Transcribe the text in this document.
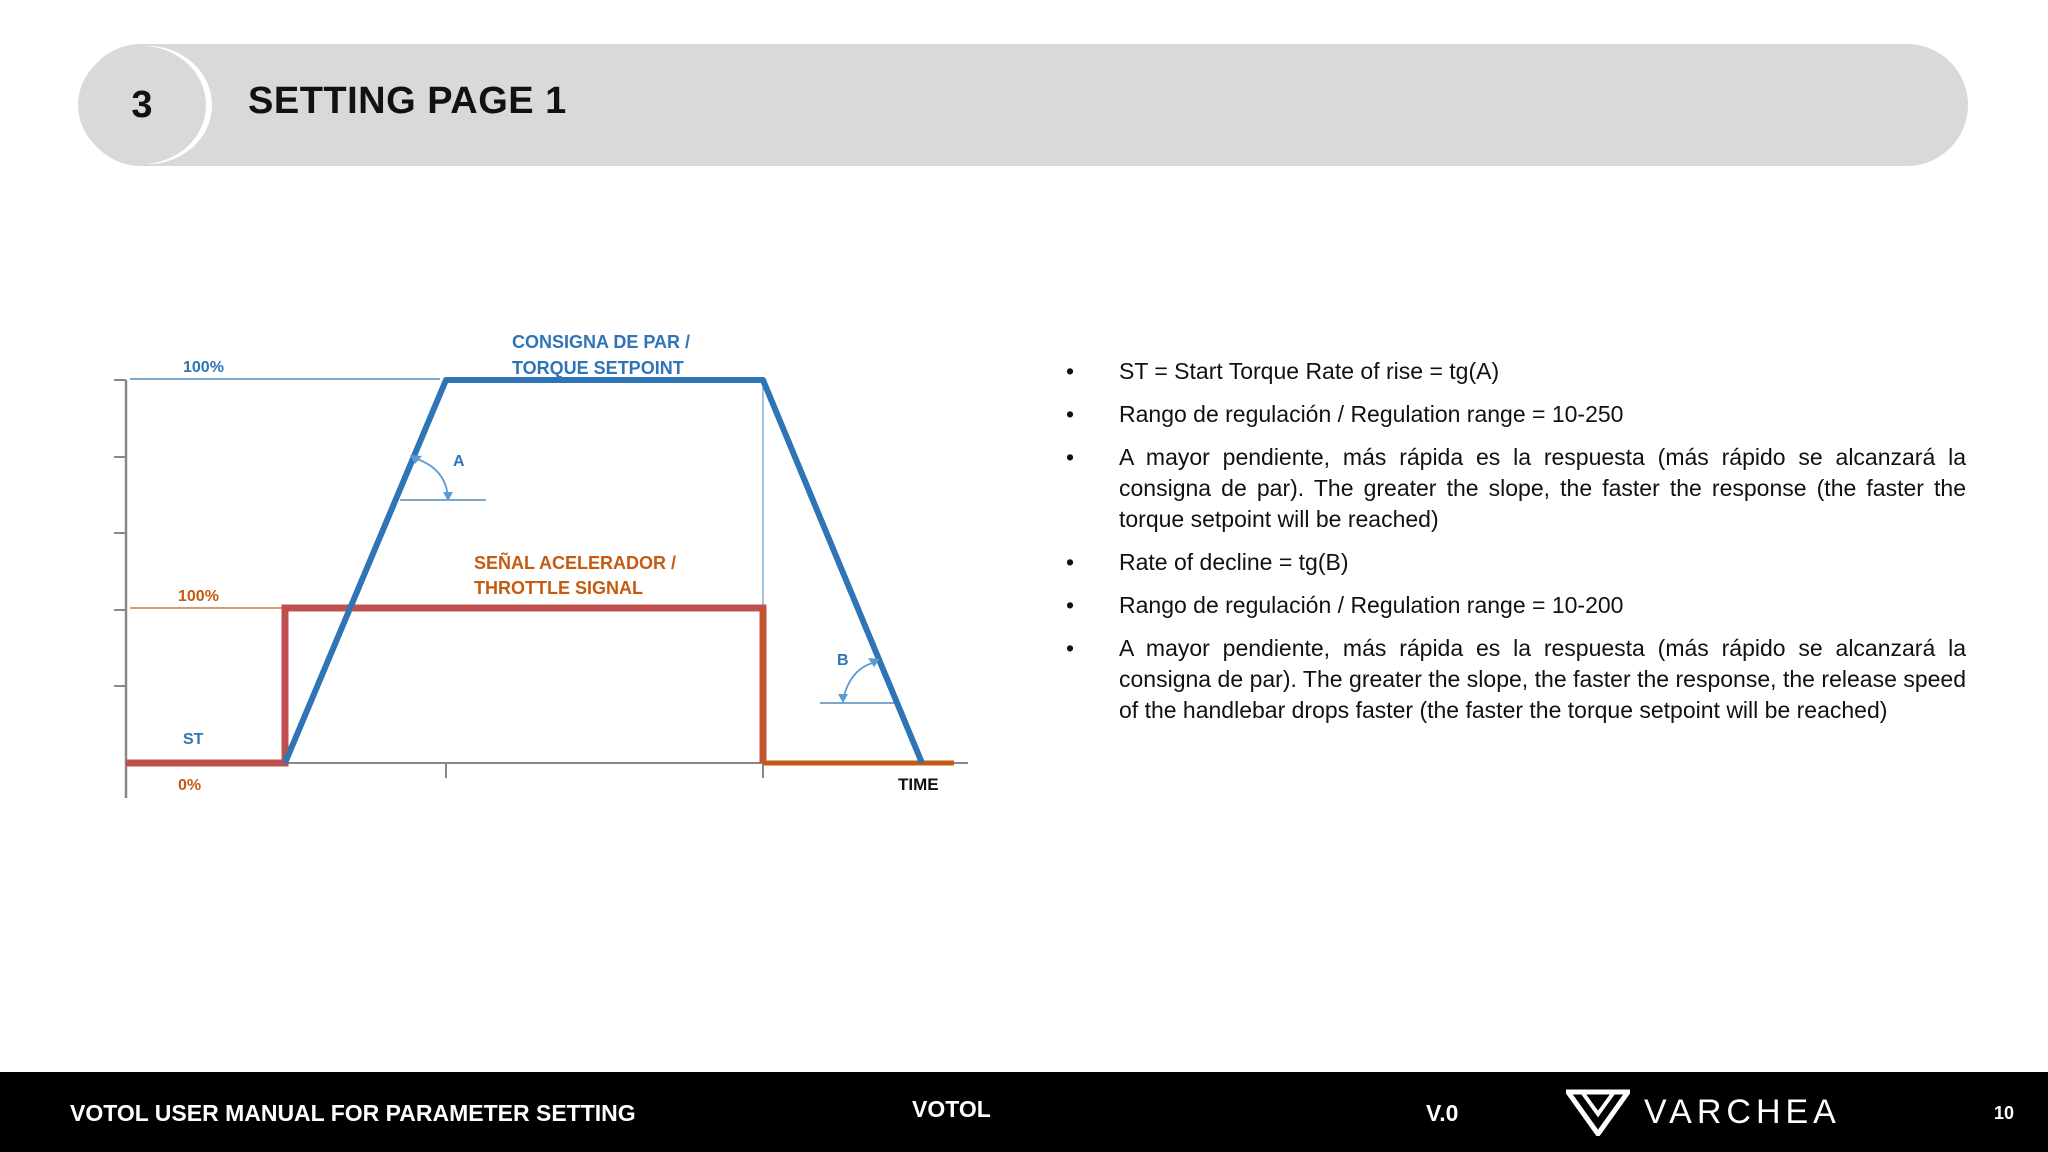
3	SETTING PAGE 1
A
B
CONSIGNA DE PAR /
TORQUE SETPOINT
SEÑAL ACELERADOR /
THROTTLE SIGNAL
100%
100%
ST
0%	TIME
•	ST = Start Torque Rate of rise = tg(A)
•	Rango de regulación / Regulation range = 10-250
•	A mayor pendiente, más rápida es la respuesta (más rápido se alcanzará la consigna de par). The greater the slope, the faster the response (the faster the torque setpoint will be reached)
•	Rate of decline = tg(B)
•	Rango de regulación / Regulation range = 10-200
•	A mayor pendiente, más rápida es la respuesta (más rápido se alcanzará la consigna de par). The greater the slope, the faster the response, the release speed of the handlebar drops faster (the faster the torque setpoint will be reached)
VOTOL USER MANUAL FOR PARAMETER SETTING	VOTOL	V.0	VARCHEA	10
